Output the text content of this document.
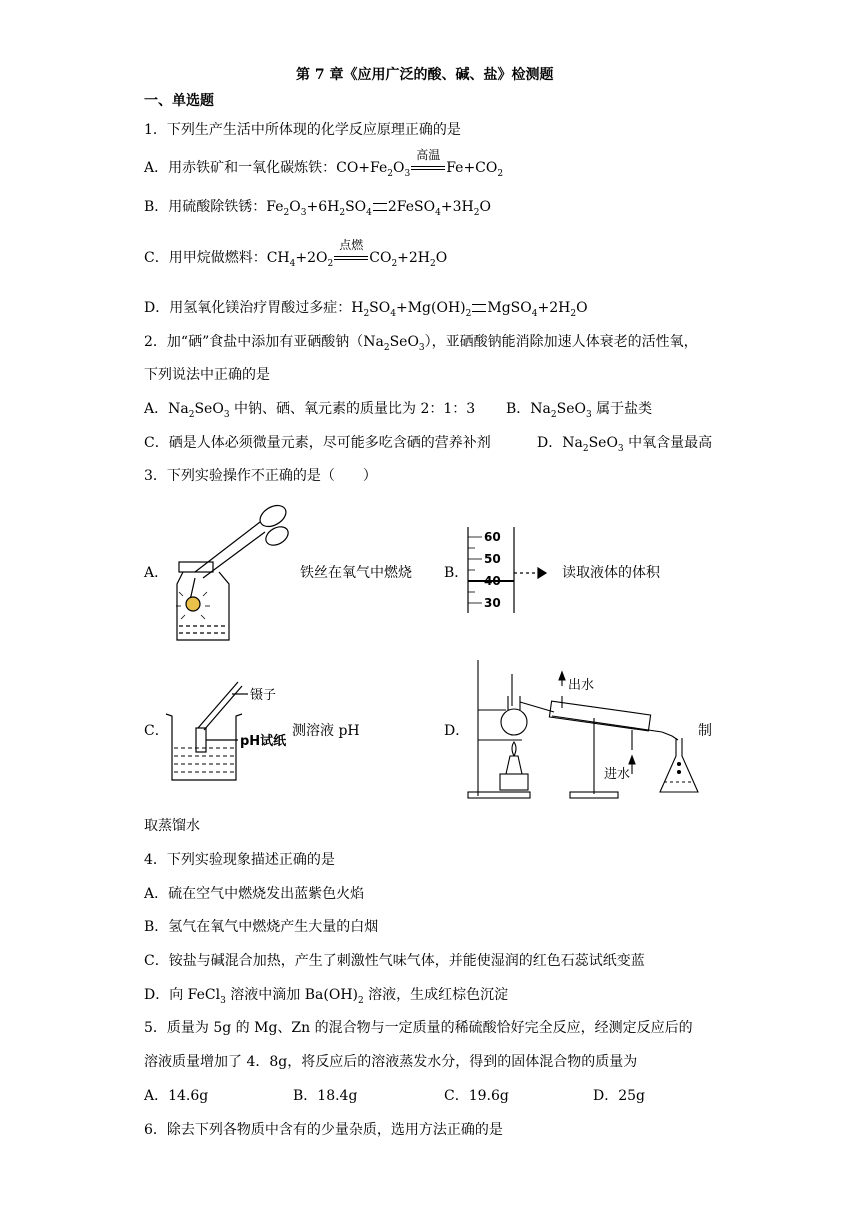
第 7 章《应用广泛的酸、碱、盐》检测题
一、单选题
1．下列生产生活中所体现的化学反应原理正确的是
A．用赤铁矿和一氧化碳炼铁：$CO+Fe_2O_3$
高温
$Fe+CO_2$
B．用硫酸除铁锈：$Fe_2O_3+6H_2SO_4$ $2FeSO_4+3H_2O$
C．用甲烷做燃料：$CH_4+2O_2$
点燃
$CO_2+2H_2O$
D．用氢氧化镁治疗胃酸过多症：$H_2SO_4+Mg(OH)_2$ $MgSO_4+2H_2O$
2．加“硒”食盐中添加有亚硒酸钠$(Na_2SeO_3)$，亚硒酸钠能消除加速人体衰老的活性氧，
下列说法中正确的是
A．$Na_2SeO_3$ 中钠、硒、氧元素的质量比为 2：1：3 B．$Na_2SeO_3$ 属于盐类
C．硒是人体必须微量元素，尽可能多吃含硒的营养补剂	D．$Na_2SeO_3$ 中氧含量最高
3．下列实验操作不正确的是（　　）
A．	铁丝在氧气中燃烧 B．
60
50
40
30
读取液体的体积
C．
镊子
pH试纸
测溶液 pH	D．
出水
进水
制
取蒸馏水
4．下列实验现象描述正确的是
A．硫在空气中燃烧发出蓝紫色火焰
B．氢气在氧气中燃烧产生大量的白烟
C．铵盐与碱混合加热，产生了刺激性气味气体，并能使湿润的红色石蕊试纸变蓝
D．向 FeCl$_3$ 溶液中滴加 $Ba(OH)_2$ 溶液，生成红棕色沉淀
5．质量为 5g 的 Mg、Zn 的混合物与一定质量的稀硫酸恰好完全反应，经测定反应后的
溶液质量增加了 4．8g，将反应后的溶液蒸发水分，得到的固体混合物的质量为
A．14.6g	B．18.4g	C．19.6g	D．25g
6．除去下列各物质中含有的少量杂质，选用方法正确的是
